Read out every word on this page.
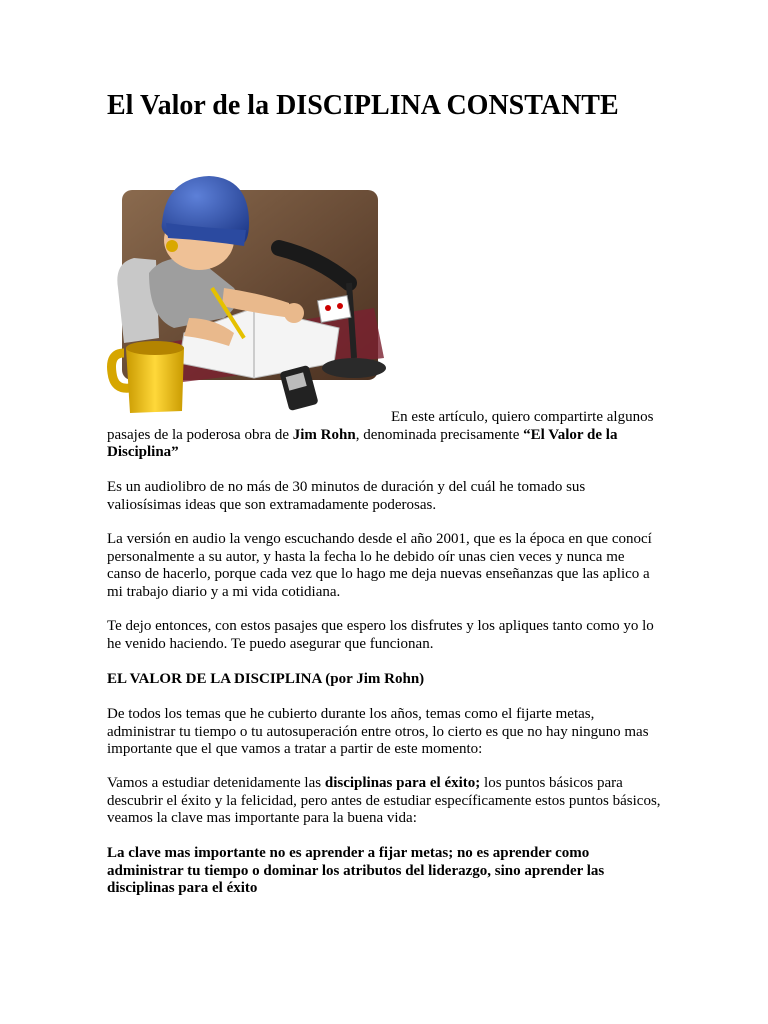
El Valor de la DISCIPLINA CONSTANTE

En este artículo, quiero compartirte algunos pasajes de la poderosa obra de Jim Rohn, denominada precisamente “El Valor de la Disciplina”

Es un audiolibro de no más de 30 minutos de duración y del cuál he tomado sus valiosísimas ideas que son extramadamente poderosas.

La versión en audio la vengo escuchando desde el año 2001, que es la época en que conocí personalmente a su autor, y hasta la fecha lo he debido oír unas cien veces y nunca me canso de hacerlo, porque cada vez que lo hago me deja nuevas enseñanzas que las aplico a mi trabajo diario y a mi vida cotidiana.

Te dejo entonces, con estos pasajes que espero los disfrutes y los apliques tanto como yo lo he venido haciendo. Te puedo asegurar que funcionan.

EL VALOR DE LA DISCIPLINA (por Jim Rohn)

De todos los temas que he cubierto durante los años, temas como el fijarte metas, administrar tu tiempo o tu autosuperación entre otros, lo cierto es que no hay ninguno mas importante que el que vamos a tratar a partir de este momento:

Vamos a estudiar detenidamente las disciplinas para el éxito; los puntos básicos para descubrir el éxito y la felicidad, pero antes de estudiar específicamente estos puntos básicos, veamos la clave mas importante para la buena vida:

La clave mas importante no es aprender a fijar metas; no es aprender como administrar tu tiempo o dominar los atributos del liderazgo, sino aprender las disciplinas para el éxito
